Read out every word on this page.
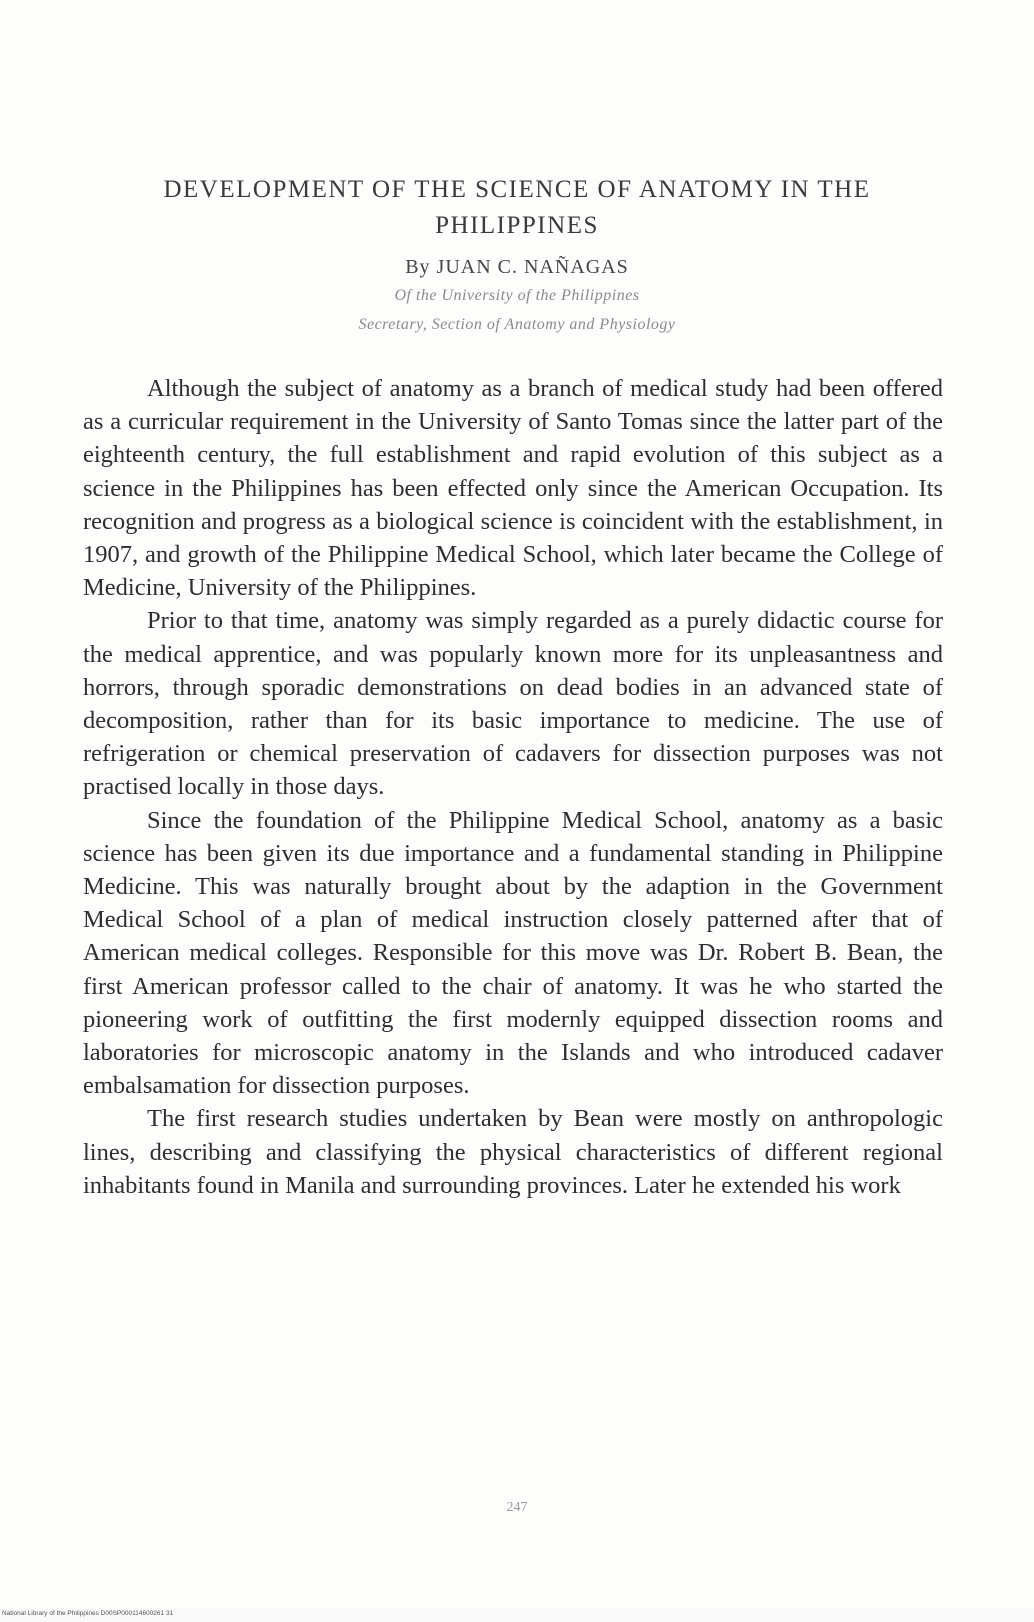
DEVELOPMENT OF THE SCIENCE OF ANATOMY IN THE PHILIPPINES
By JUAN C. NAÑAGAS
Of the University of the Philippines
Secretary, Section of Anatomy and Physiology

Although the subject of anatomy as a branch of medical study had been offered as a curricular requirement in the University of Santo Tomas since the latter part of the eighteenth century, the full establishment and rapid evolution of this subject as a science in the Philippines has been effected only since the American Occupation. Its recognition and progress as a biological science is coincident with the establishment, in 1907, and growth of the Philippine Medical School, which later became the College of Medicine, University of the Philippines.

Prior to that time, anatomy was simply regarded as a purely didactic course for the medical apprentice, and was popularly known more for its unpleasantness and horrors, through sporadic demonstrations on dead bodies in an advanced state of decomposition, rather than for its basic importance to medicine. The use of refrigeration or chemical preservation of cadavers for dissection purposes was not practised locally in those days.

Since the foundation of the Philippine Medical School, anatomy as a basic science has been given its due importance and a fundamental standing in Philippine Medicine. This was naturally brought about by the adaption in the Government Medical School of a plan of medical instruction closely patterned after that of American medical colleges. Responsible for this move was Dr. Robert B. Bean, the first American professor called to the chair of anatomy. It was he who started the pioneering work of outfitting the first modernly equipped dissection rooms and laboratories for microscopic anatomy in the Islands and who introduced cadaver embalsamation for dissection purposes.

The first research studies undertaken by Bean were mostly on anthropologic lines, describing and classifying the physical characteristics of different regional inhabitants found in Manila and surrounding provinces. Later he extended his work

247
National Library of the Philippines D00SP000114600261 31
